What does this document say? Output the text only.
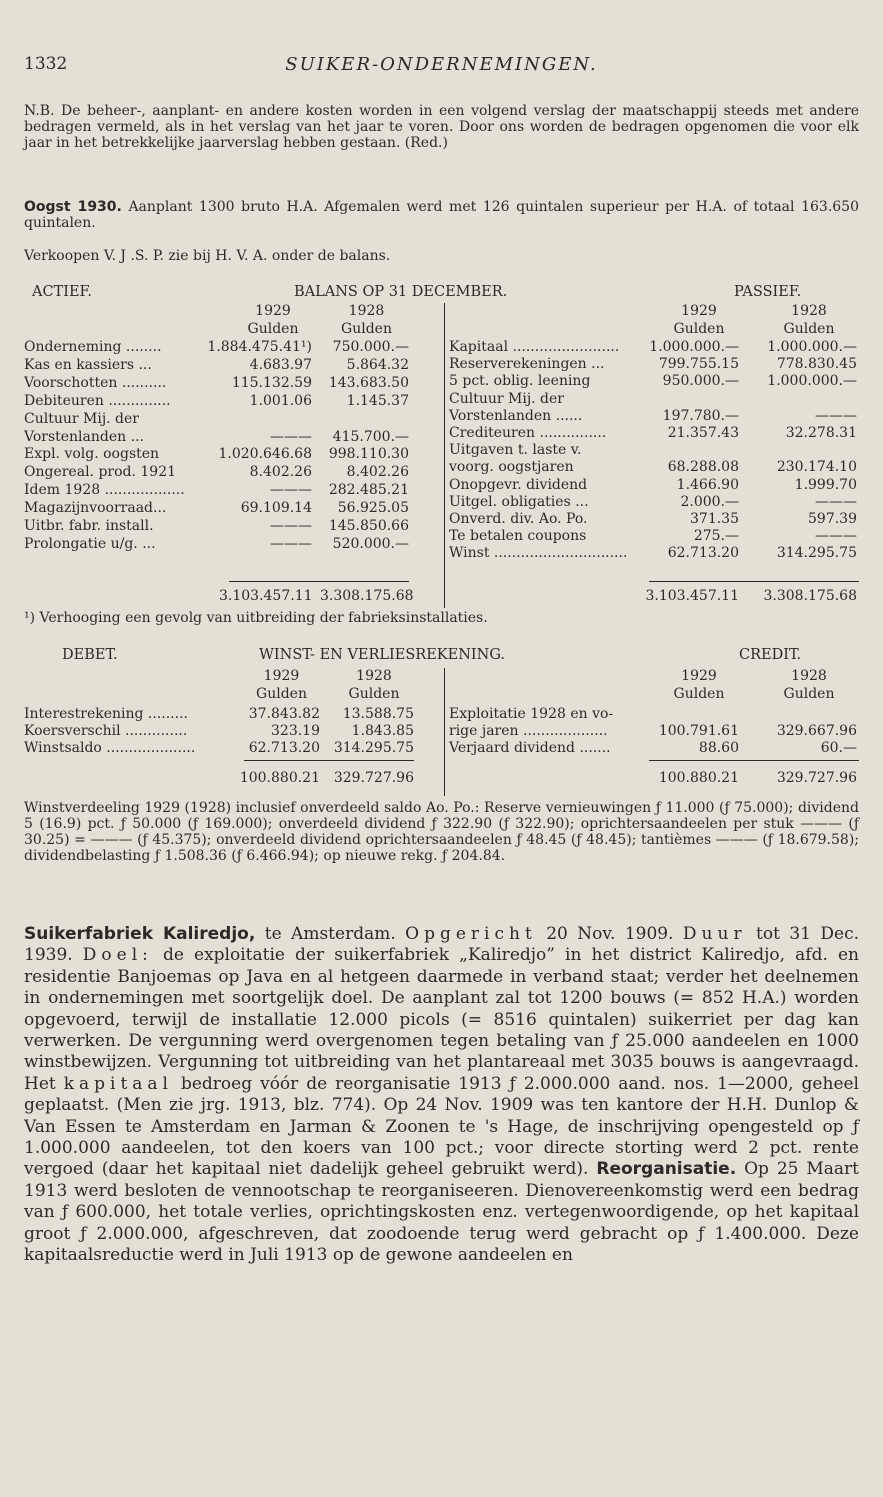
1332	SUIKER-ONDERNEMINGEN.

N.B. De beheer-, aanplant- en andere kosten worden in een volgend verslag der maatschappij steeds met andere bedragen vermeld, als in het verslag van het jaar te voren. Door ons worden de bedragen opgenomen die voor elk jaar in het betrekkelijke jaarverslag hebben gestaan. (Red.)

Oogst 1930. Aanplant 1300 bruto H.A. Afgemalen werd met 126 quintalen superieur per H.A. of totaal 163.650 quintalen.

Verkoopen V. J .S. P. zie bij H. V. A. onder de balans.

ACTIEF.	BALANS OP 31 DECEMBER.	PASSIEF.
1929	1928	1929	1928
Gulden	Gulden	Gulden	Gulden
Onderneming ........	1.884.475.41¹)	750.000.—
Kas en kassiers ...	4.683.97	5.864.32
Voorschotten ..........	115.132.59	143.683.50
Debiteuren ..............	1.001.06	1.145.37
Cultuur Mij. der
Vorstenlanden ...	———	415.700.—
Expl. volg. oogsten	1.020.646.68	998.110.30
Ongereal. prod. 1921	8.402.26	8.402.26
Idem 1928 ..................	———	282.485.21
Magazijnvoorraad...	69.109.14	56.925.05
Uitbr. fabr. install.	———	145.850.66
Prolongatie u/g. ...	———	520.000.—
Kapitaal ........................	1.000.000.—	1.000.000.—
Reserverekeningen ...	799.755.15	778.830.45
5 pct. oblig. leening	950.000.—	1.000.000.—
Cultuur Mij. der
Vorstenlanden ......	197.780.—	———
Crediteuren ...............	21.357.43	32.278.31
Uitgaven t. laste v.
voorg. oogstjaren	68.288.08	230.174.10
Onopgevr. dividend	1.466.90	1.999.70
Uitgel. obligaties ...	2.000.—	———
Onverd. div. Ao. Po.	371.35	597.39
Te betalen coupons	275.—	———
Winst ..............................	62.713.20	314.295.75
3.103.457.11 3.308.175.68	3.103.457.11	3.308.175.68
¹) Verhooging een gevolg van uitbreiding der fabrieksinstallaties.
DEBET.	WINST- EN VERLIESREKENING.	CREDIT.
1929	1928	1929	1928
Gulden	Gulden	Gulden	Gulden
Interestrekening .........	37.843.82	13.588.75
Koersverschil ..............	323.19	1.843.85
Winstsaldo ....................	62.713.20 314.295.75
Exploitatie 1928 en vo-
rige jaren ...................	100.791.61	329.667.96
Verjaard dividend .......	88.60	60.—
100.880.21 329.727.96	100.880.21	329.727.96

Winstverdeeling 1929 (1928) inclusief onverdeeld saldo Ao. Po.: Reserve vernieuwingen ƒ 11.000 (ƒ 75.000); dividend 5 (16.9) pct. ƒ 50.000 (ƒ 169.000); onverdeeld dividend ƒ 322.90 (ƒ 322.90); oprichtersaandeelen per stuk ——— (ƒ 30.25) = ——— (ƒ 45.375); onverdeeld dividend oprichtersaandeelen ƒ 48.45 (ƒ 48.45); tantièmes ——— (ƒ 18.679.58); dividendbelasting ƒ 1.508.36 (ƒ 6.466.94); op nieuwe rekg. ƒ 204.84.

Suikerfabriek Kaliredjo, te Amsterdam. Opgericht 20 Nov. 1909. Duur tot 31 Dec. 1939. Doel: de exploitatie der suikerfabriek „Kaliredjo” in het district Kaliredjo, afd. en residentie Banjoemas op Java en al hetgeen daarmede in verband staat; verder het deelnemen in ondernemingen met soortgelijk doel. De aanplant zal tot 1200 bouws (= 852 H.A.) worden opgevoerd, terwijl de installatie 12.000 picols (= 8516 quintalen) suikerriet per dag kan verwerken. De vergunning werd overgenomen tegen betaling van ƒ 25.000 aandeelen en 1000 winstbewijzen. Vergunning tot uitbreiding van het plantareaal met 3035 bouws is aangevraagd. Het kapitaal bedroeg vóór de reorganisatie 1913 ƒ 2.000.000 aand. nos. 1—2000, geheel geplaatst. (Men zie jrg. 1913, blz. 774). Op 24 Nov. 1909 was ten kantore der H.H. Dunlop & Van Essen te Amsterdam en Jarman & Zoonen te 's Hage, de inschrijving opengesteld op ƒ 1.000.000 aandeelen, tot den koers van 100 pct.; voor directe storting werd 2 pct. rente vergoed (daar het kapitaal niet dadelijk geheel gebruikt werd). Reorganisatie. Op 25 Maart 1913 werd besloten de vennootschap te reorganiseeren. Dienovereenkomstig werd een bedrag van ƒ 600.000, het totale verlies, oprichtingskosten enz. vertegenwoordigende, op het kapitaal groot ƒ 2.000.000, afgeschreven, dat zoodoende terug werd gebracht op ƒ 1.400.000. Deze kapitaalsreductie werd in Juli 1913 op de gewone aandeelen en
